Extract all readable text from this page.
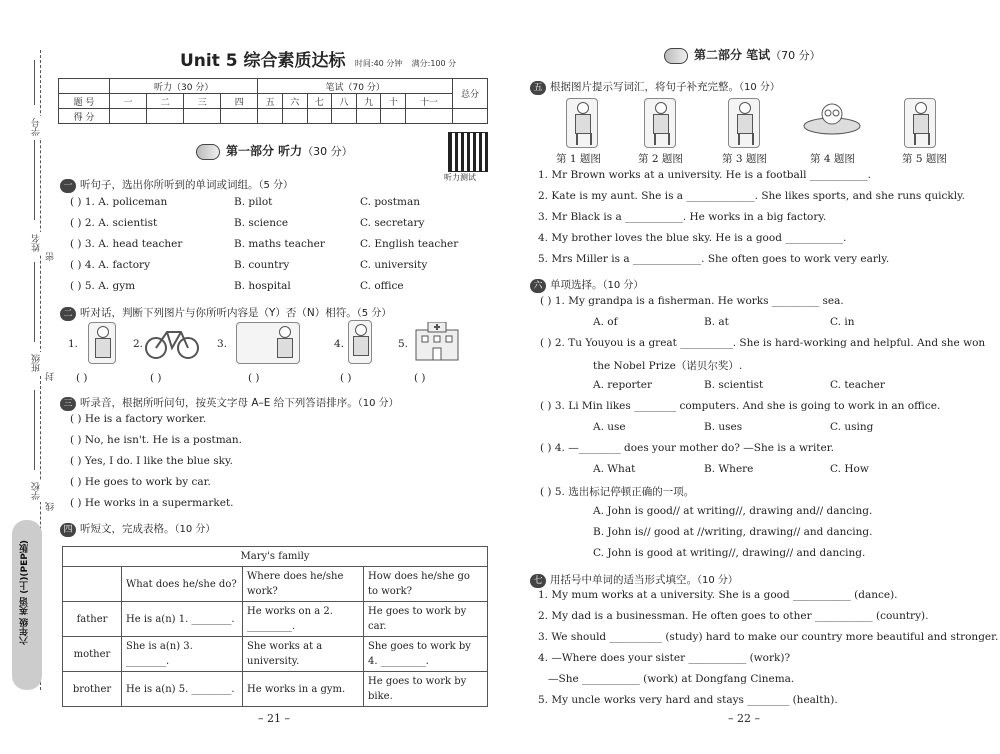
学号
姓名
密
班级
封
学校
线
六年级 英语 (上)(PEP版)
Unit 5 综合素质达标 时间:40 分钟 满分:100 分
	听力（30 分）				笔试（70 分）							总分
题 号	一	二	三	四	五	六	七	八	九	十	十一	
得 分												
听力测试
第一部分 听力（30 分）
一 听句子，选出你所听到的单词或词组。（5 分）
( ) 1. A. policeman	B. pilot	C. postman
( ) 2. A. scientist	B. science	C. secretary
( ) 3. A. head teacher	B. maths teacher	C. English teacher
( ) 4. A. factory	B. country	C. university
( ) 5. A. gym	B. hospital	C. office
二 听对话，判断下列图片与你所听内容是（Y）否（N）相符。（5 分）
1.	2.	3.	4.	5.
( )	( )	( )	( )	( )
三 听录音，根据所听问句，按英文字母 A–E 给下列答语排序。（10 分）
( ) He is a factory worker.
( ) No, he isn't. He is a postman.
( ) Yes, I do. I like the blue sky.
( ) He goes to work by car.
( ) He works in a supermarket.
四 听短文，完成表格。（10 分）
Mary's family			
	What does he/she do?	Where does he/she work?	How does he/she go to work?
father	He is a(n) 1. ________.	He works on a 2. _________.	He goes to work by car.
mother	She is a(n) 3. ________.	She works at a university.	She goes to work by 4. _________.
brother	He is a(n) 5. ________.	He works in a gym.	He goes to work by bike.
– 21 –
第二部分 笔试（70 分）
五 根据图片提示写词汇，将句子补充完整。（10 分）
第 1 题图	第 2 题图	第 3 题图	第 4 题图	第 5 题图
1. Mr Brown works at a university. He is a football ___________.
2. Kate is my aunt. She is a _____________. She likes sports, and she runs quickly.
3. Mr Black is a ___________. He works in a big factory.
4. My brother loves the blue sky. He is a good ___________.
5. Mrs Miller is a _____________. She often goes to work very early.
六 单项选择。（10 分）
( ) 1. My grandpa is a fisherman. He works _________ sea.
A. of	B. at	C. in
( ) 2. Tu Youyou is a great __________. She is hard-working and helpful. And she won
the Nobel Prize（诺贝尔奖）.
A. reporter	B. scientist	C. teacher
( ) 3. Li Min likes ________ computers. And she is going to work in an office.
A. use	B. uses	C. using
( ) 4. —________ does your mother do? —She is a writer.
A. What	B. Where	C. How
( ) 5. 选出标记停顿正确的一项。
A. John is good// at writing//, drawing and// dancing.
B. John is// good at //writing, drawing// and dancing.
C. John is good at writing//, drawing// and dancing.
七 用括号中单词的适当形式填空。（10 分）
1. My mum works at a university. She is a good ___________ (dance).
2. My dad is a businessman. He often goes to other ___________ (country).
3. We should __________ (study) hard to make our country more beautiful and stronger.
4. —Where does your sister ___________ (work)?
—She ___________ (work) at Dongfang Cinema.
5. My uncle works very hard and stays ________ (health).
– 22 –
